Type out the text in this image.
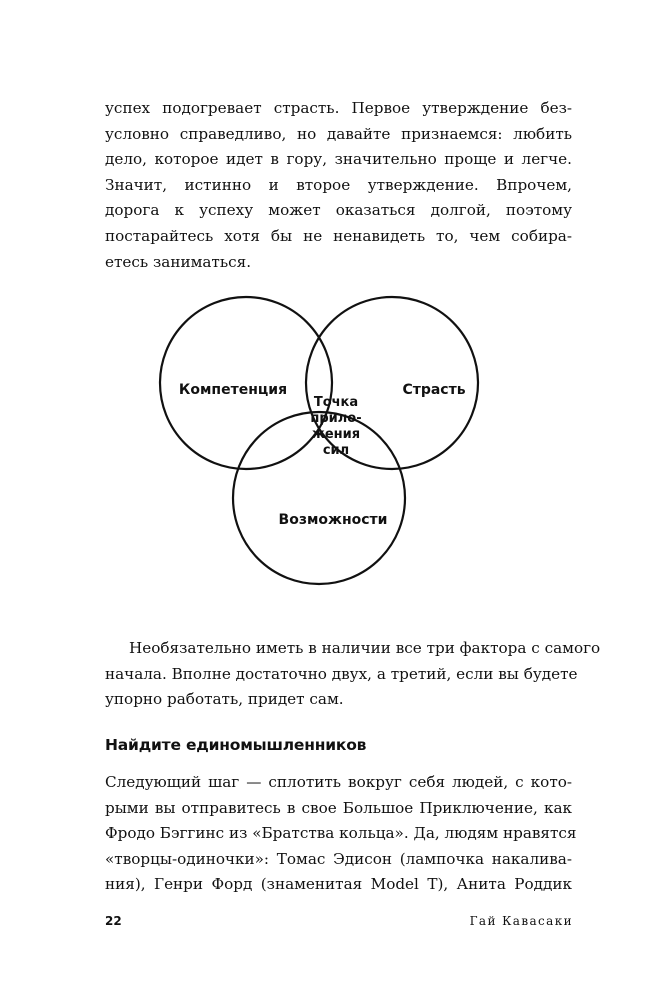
успех подогревает страсть. Первое утверждение без-
условно справедливо, но давайте признаемся: любить
дело, которое идет в гору, значительно проще и легче.
Значит, истинно и второе утверждение. Впрочем,
дорога к успеху может оказаться долгой, поэтому
постарайтесь хотя бы не ненавидеть то, чем собира-
етесь заниматься.
Компетенция	Страсть
Возможности
Точка
прило-
жения
сил
Необязательно иметь в наличии все три фактора с самого
начала. Вполне достаточно двух, а третий, если вы будете
упорно работать, придет сам.
Найдите единомышленников
Следующий шаг — сплотить вокруг себя людей, с кото-
рыми вы отправитесь в свое Большое Приключение, как
Фродо Бэггинс из «Братства кольца». Да, людям нравятся
«творцы-одиночки»: Томас Эдисон (лампочка накалива-
ния), Генри Форд (знаменитая Model T), Анита Роддик
22	Гай Кавасаки
